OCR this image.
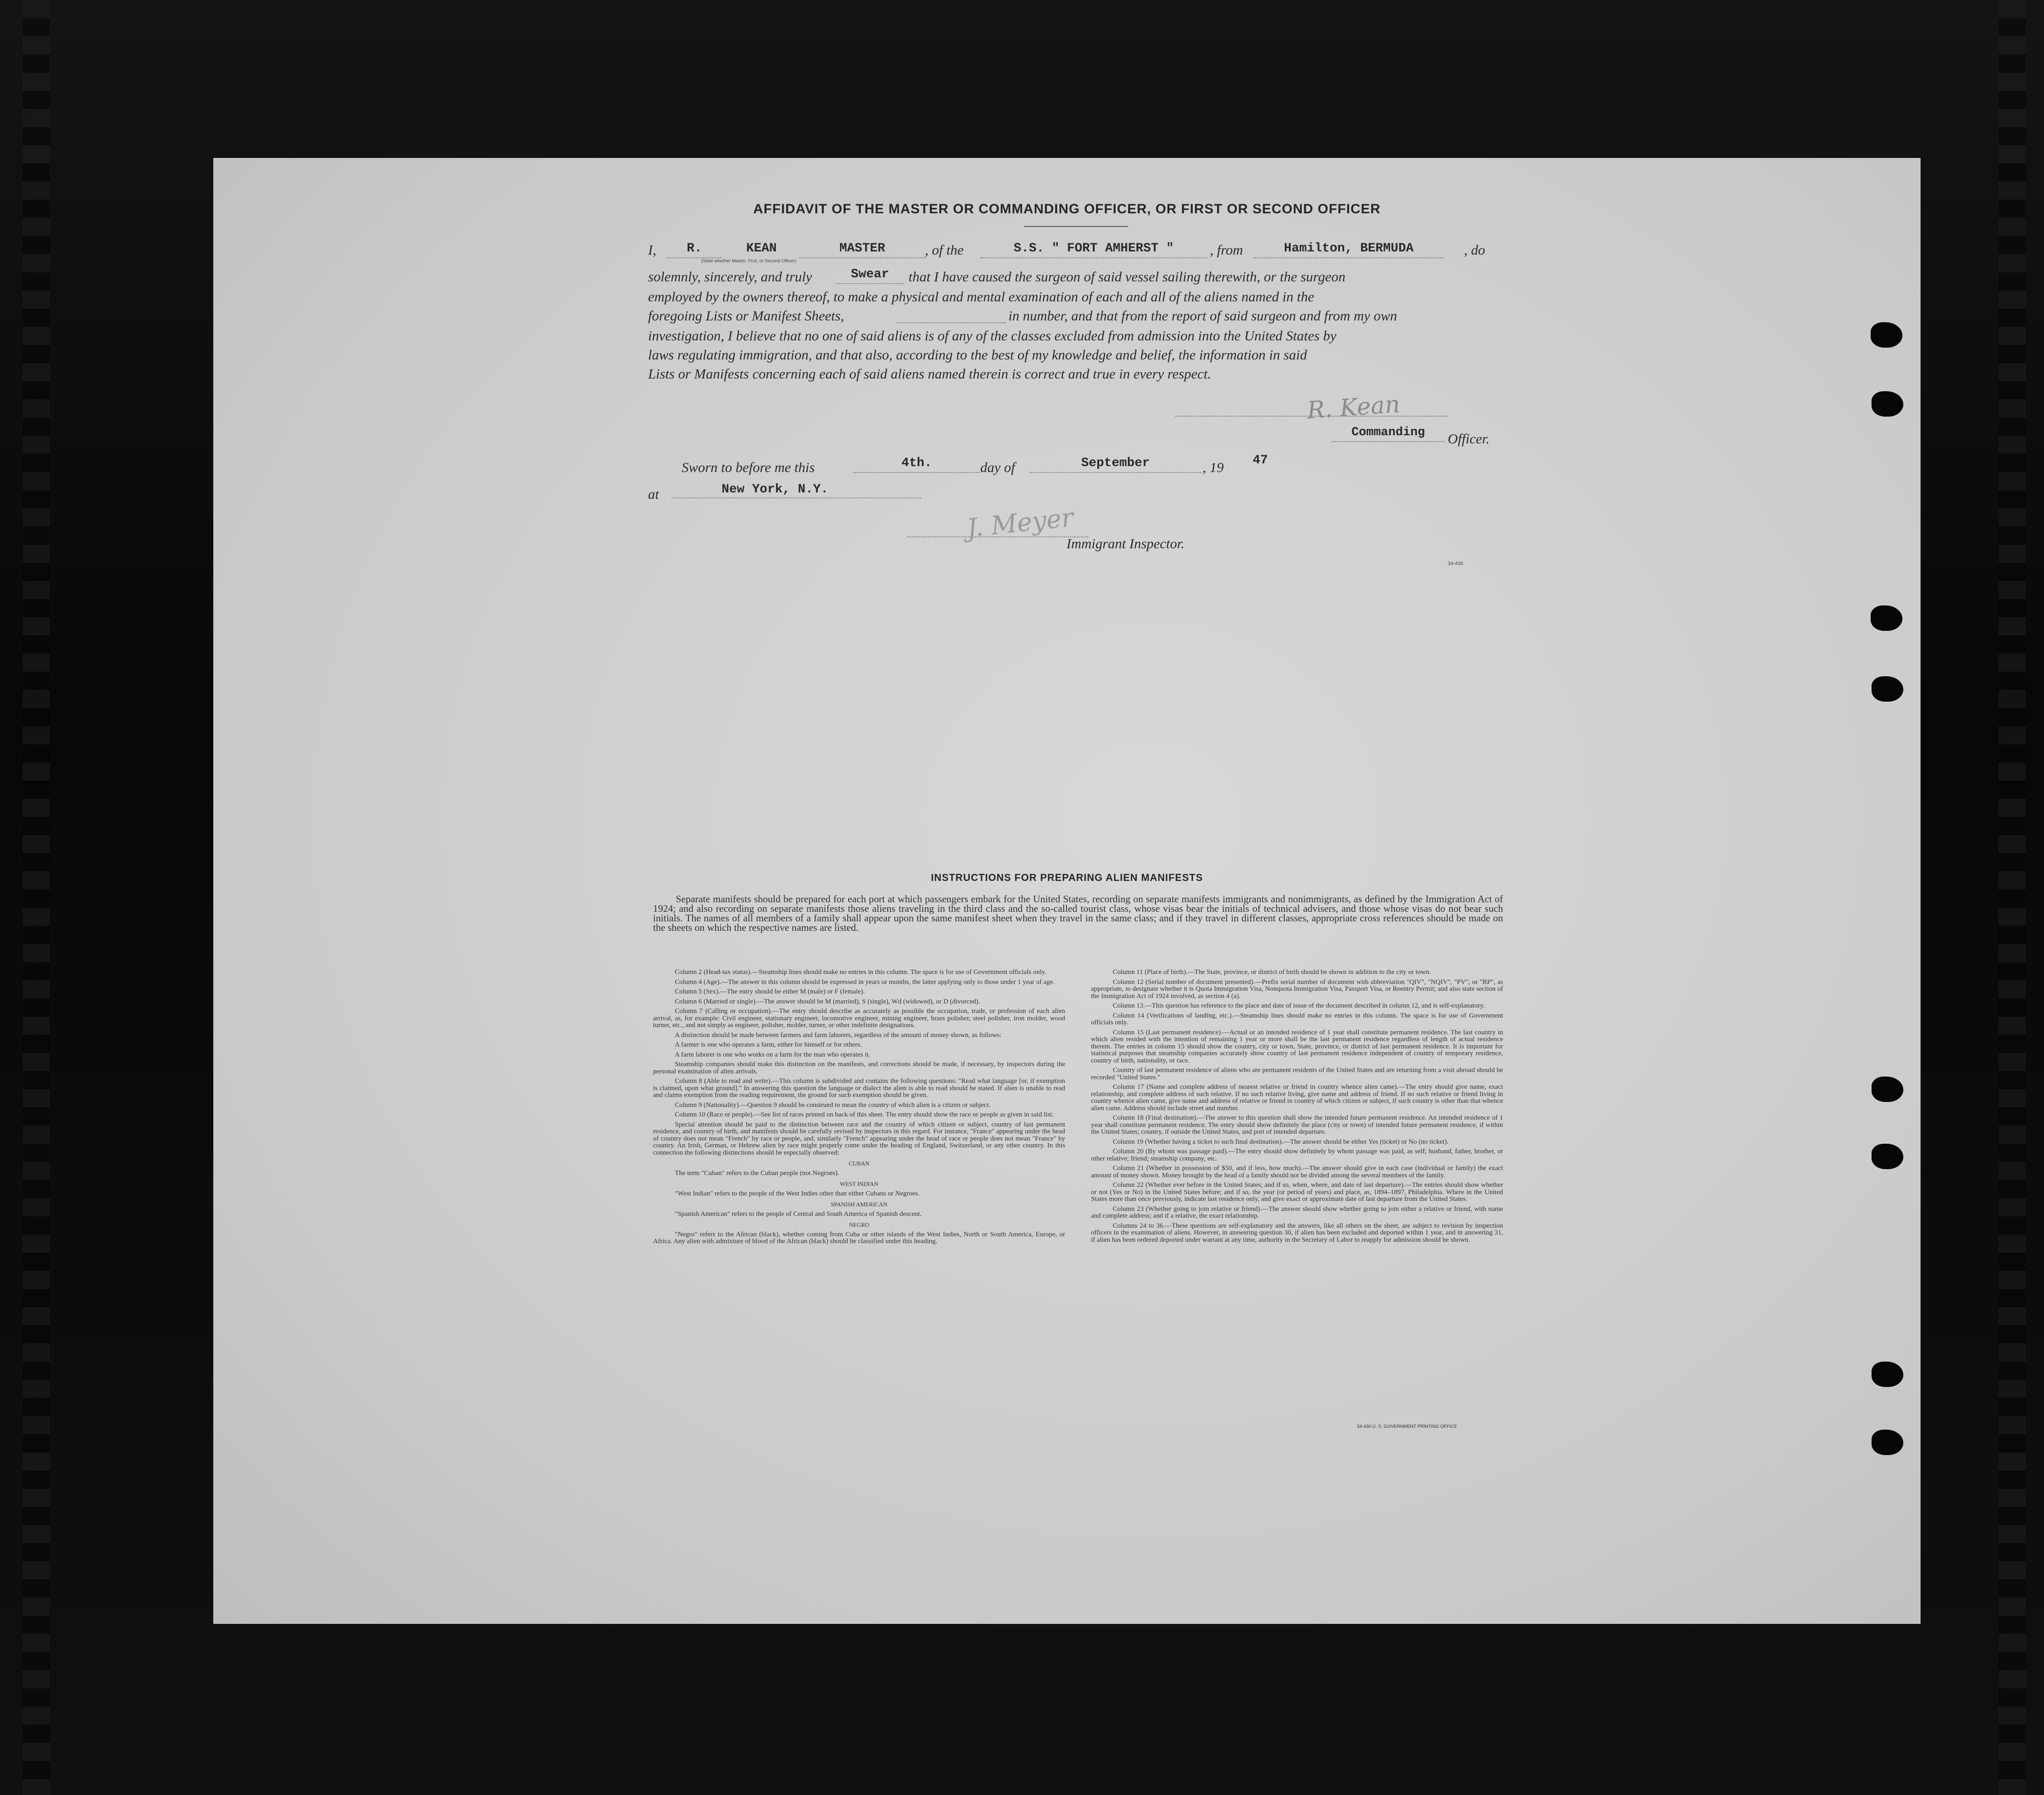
AFFIDAVIT OF THE MASTER OR COMMANDING OFFICER, OR FIRST OR SECOND OFFICER
I,	R.	KEAN	MASTER
(State whether Master, First, or Second Officer)
, of the	S.S. " FORT AMHERST "	, from	Hamilton, BERMUDA	, do
solemnly, sincerely, and truly	Swear	that I have caused the surgeon of said vessel sailing therewith, or the surgeon
employed by the owners thereof, to make a physical and mental examination of each and all of the aliens named in the
foregoing Lists or Manifest Sheets,	in number, and that from the report of said surgeon and from my own
investigation, I believe that no one of said aliens is of any of the classes excluded from admission into the United States by
laws regulating immigration, and that also, according to the best of my knowledge and belief, the information in said
Lists or Manifests concerning each of said aliens named therein is correct and true in every respect.
R. Kean
Commanding	Officer.
Sworn to before me this	4th.	day of	September	, 19 47
at	New York, N.Y.
J. Meyer
Immigrant Inspector.
34-430
INSTRUCTIONS FOR PREPARING ALIEN MANIFESTS
Separate manifests should be prepared for each port at which passengers embark for the United States, recording on separate manifests immigrants and nonimmigrants, as defined by the Immigration Act of 1924; and also recording on separate manifests those aliens traveling in the third class and the so-called tourist class, whose visas bear the initials of technical advisers, and those whose visas do not bear such initials. The names of all members of a family shall appear upon the same manifest sheet when they travel in the same class; and if they travel in different classes, appropriate cross references should be made on the sheets on which the respective names are listed.

Column 2 (Head-tax status).—Steamship lines should make no entries in this column. The space is for use of Government officials only.

Column 4 (Age).—The answer in this column should be expressed in years or months, the latter applying only to those under 1 year of age.

Column 5 (Sex).—The entry should be either M (male) or F (female).

Column 6 (Married or single).—The answer should be M (married), S (single), Wd (widowed), or D (divorced).

Column 7 (Calling or occupation).—The entry should describe as accurately as possible the occupation, trade, or profession of each alien arrival, as, for example: Civil engineer, stationary engineer, locomotive engineer, mining engineer, brass polisher, steel polisher, iron molder, wood turner, etc., and not simply as engineer, polisher, molder, turner, or other indefinite designations.

A distinction should be made between farmers and farm laborers, regardless of the amount of money shown, as follows:

A farmer is one who operates a farm, either for himself or for others.

A farm laborer is one who works on a farm for the man who operates it.

Steamship companies should make this distinction on the manifests, and corrections should be made, if necessary, by inspectors during the personal examination of alien arrivals.

Column 8 (Able to read and write).—This column is subdivided and contains the following questions: "Read what language [or, if exemption is claimed, upon what ground]." In answering this question the language or dialect the alien is able to read should be stated. If alien is unable to read and claims exemption from the reading requirement, the ground for such exemption should be given.

Column 9 (Nationality).—Question 9 should be construed to mean the country of which alien is a citizen or subject.

Column 10 (Race or people).—See list of races printed on back of this sheet. The entry should show the race or people as given in said list.

Special attention should be paid to the distinction between race and the country of which citizen or subject, country of last permanent residence, and country of birth, and manifests should be carefully revised by inspectors in this regard. For instance, "France" appearing under the head of country does not mean "French" by race or people, and, similarly "French" appearing under the head of race or people does not mean "France" by country. An Irish, German, or Hebrew alien by race might properly come under the heading of England, Switzerland, or any other country. In this connection the following distinctions should be especially observed:

CUBAN

The term "Cuban" refers to the Cuban people (not Negroes).

WEST INDIAN

"West Indian" refers to the people of the West Indies other than either Cubans or Negroes.

SPANISH AMERICAN

"Spanish American" refers to the people of Central and South America of Spanish descent.

NEGRO

"Negro" refers to the African (black), whether coming from Cuba or other islands of the West Indies, North or South America, Europe, or Africa. Any alien with admixture of blood of the African (black) should be classified under this heading.

Column 11 (Place of birth).—The State, province, or district of birth should be shown in addition to the city or town.

Column 12 (Serial number of document presented).—Prefix serial number of document with abbreviation "QIV", "NQIV", "PV", or "RP", as appropriate, to designate whether it is Quota Immigration Visa, Nonquota Immigration Visa, Passport Visa, or Reentry Permit; and also state section of the Immigration Act of 1924 involved, as section 4 (a).

Column 13.—This question has reference to the place and date of issue of the document described in column 12, and is self-explanatory.

Column 14 (Verifications of landing, etc.).—Steamship lines should make no entries in this column. The space is for use of Government officials only.

Column 15 (Last permanent residence).—Actual or an intended residence of 1 year shall constitute permanent residence. The last country in which alien resided with the intention of remaining 1 year or more shall be the last permanent residence regardless of length of actual residence therein. The entries in column 15 should show the country, city or town, State, province, or district of last permanent residence. It is important for statistical purposes that steamship companies accurately show country of last permanent residence independent of country of temporary residence, country of birth, nationality, or race.

Country of last permanent residence of aliens who are permanent residents of the United States and are returning from a visit abroad should be recorded "United States."

Column 17 (Name and complete address of nearest relative or friend in country whence alien came).—The entry should give name, exact relationship, and complete address of such relative. If no such relative living, give name and address of friend. If no such relative or friend living in country whence alien came, give name and address of relative or friend in country of which citizen or subject, if such country is other than that whence alien came. Address should include street and number.

Column 18 (Final destination).—The answer to this question shall show the intended future permanent residence. An intended residence of 1 year shall constitute permanent residence. The entry should show definitely the place (city or town) of intended future permanent residence, if within the United States; country, if outside the United States, and port of intended departure.

Column 19 (Whether having a ticket to such final destination).—The answer should be either Yes (ticket) or No (no ticket).

Column 20 (By whom was passage paid).—The entry should show definitely by whom passage was paid, as self; husband, father, brother, or other relative; friend; steamship company, etc.

Column 21 (Whether in possession of $50, and if less, how much).—The answer should give in each case (individual or family) the exact amount of money shown. Money brought by the head of a family should not be divided among the several members of the family.

Column 22 (Whether ever before in the United States; and if so, when, where, and date of last departure).—The entries should show whether or not (Yes or No) in the United States before; and if so, the year (or period of years) and place, as, 1894–1897, Philadelphia. Where in the United States more than once previously, indicate last residence only, and give exact or approximate date of last departure from the United States.

Column 23 (Whether going to join relative or friend).—The answer should show whether going to join either a relative or friend, with name and complete address; and if a relative, the exact relationship.

Columns 24 to 36.—These questions are self-explanatory and the answers, like all others on the sheet, are subject to revision by inspection officers in the examination of aliens. However, in answering question 30, if alien has been excluded and deported within 1 year, and in answering 31, if alien has been ordered deported under warrant at any time, authority in the Secretary of Labor to reapply for admission should be shown.

34-430 U. S. GOVERNMENT PRINTING OFFICE
